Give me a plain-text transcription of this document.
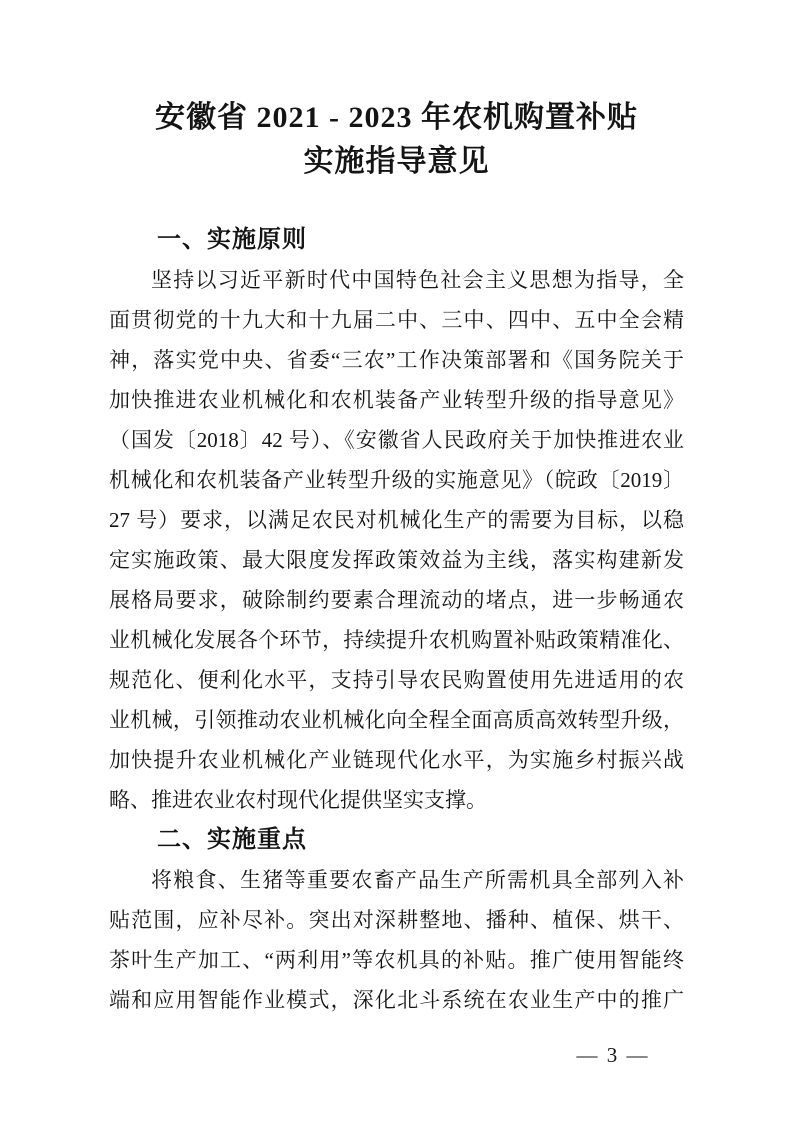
安徽省 2021 - 2023 年农机购置补贴
实施指导意见
一、实施原则
坚持以习近平新时代中国特色社会主义思想为指导，全
面贯彻党的十九大和十九届二中、三中、四中、五中全会精
神，落实党中央、省委“三农”工作决策部署和《国务院关于
加快推进农业机械化和农机装备产业转型升级的指导意见》
（国发〔2018〕42 号）、《安徽省人民政府关于加快推进农业
机械化和农机装备产业转型升级的实施意见》（皖政〔2019〕
27 号）要求，以满足农民对机械化生产的需要为目标，以稳
定实施政策、最大限度发挥政策效益为主线，落实构建新发
展格局要求，破除制约要素合理流动的堵点，进一步畅通农
业机械化发展各个环节，持续提升农机购置补贴政策精准化、
规范化、便利化水平，支持引导农民购置使用先进适用的农
业机械，引领推动农业机械化向全程全面高质高效转型升级，
加快提升农业机械化产业链现代化水平，为实施乡村振兴战
略、推进农业农村现代化提供坚实支撑。
二、实施重点
将粮食、生猪等重要农畜产品生产所需机具全部列入补
贴范围，应补尽补。突出对深耕整地、播种、植保、烘干、
茶叶生产加工、“两利用”等农机具的补贴。推广使用智能终
端和应用智能作业模式，深化北斗系统在农业生产中的推广
— 3 —
